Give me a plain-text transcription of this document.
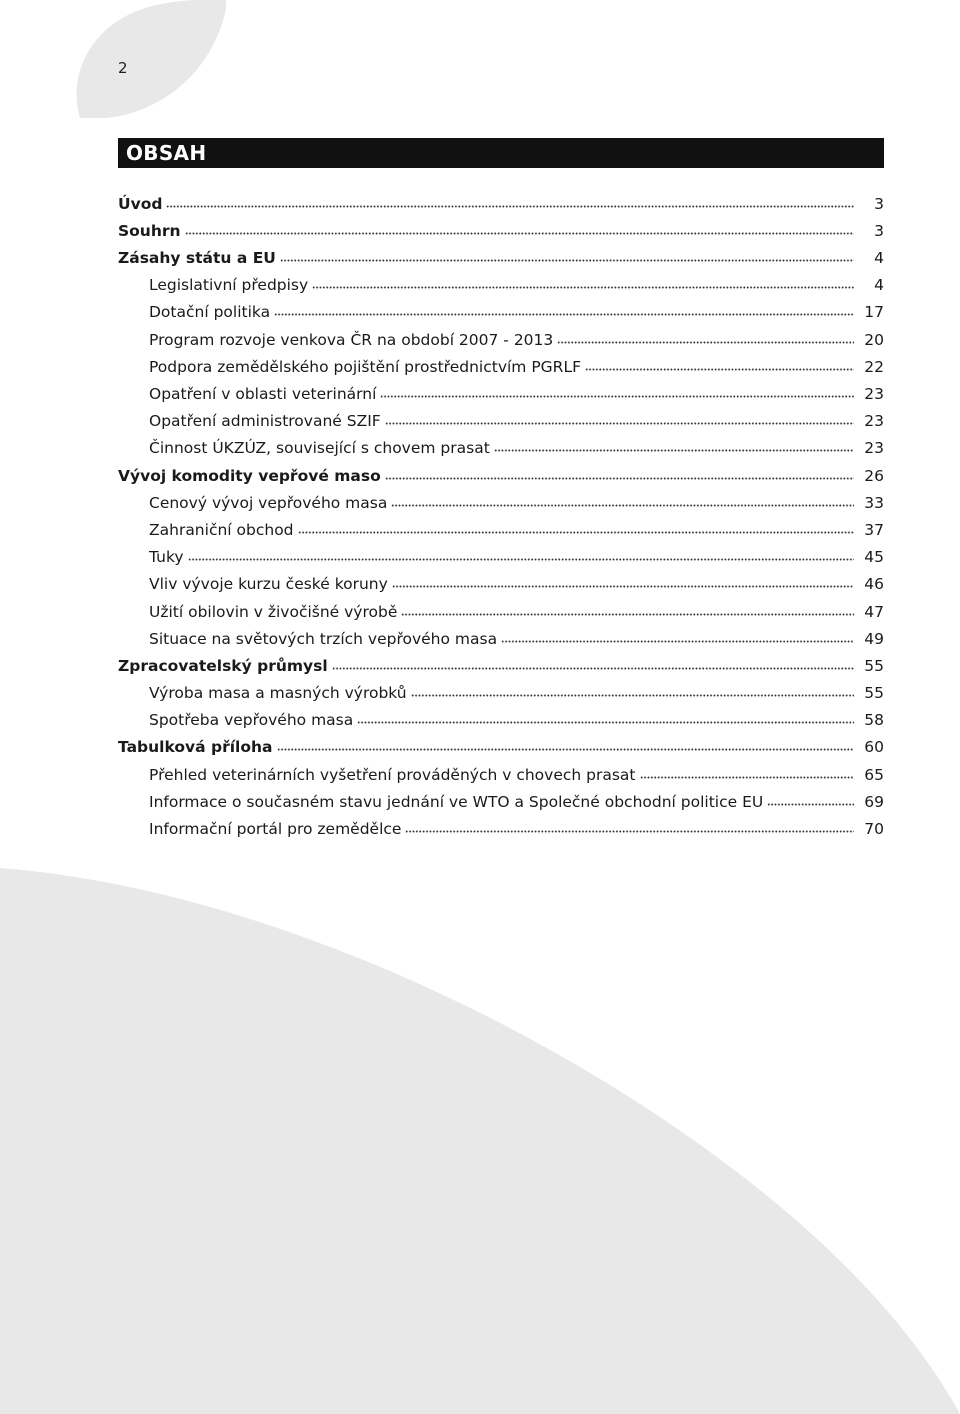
2
OBSAH
Úvod	3
Souhrn	3
Zásahy státu a EU	4
Legislativní předpisy	4
Dotační politika	17
Program rozvoje venkova ČR na období 2007 - 2013	20
Podpora zemědělského pojištění prostřednictvím PGRLF	22
Opatření v oblasti veterinární	23
Opatření administrované SZIF	23
Činnost ÚKZÚZ, související s chovem prasat	23
Vývoj komodity vepřové maso	26
Cenový vývoj vepřového masa	33
Zahraniční obchod	37
Tuky	45
Vliv vývoje kurzu české koruny	46
Užití obilovin v živočišné výrobě	47
Situace na světových trzích vepřového masa	49
Zpracovatelský průmysl	55
Výroba masa a masných výrobků	55
Spotřeba vepřového masa	58
Tabulková příloha	60
Přehled veterinárních vyšetření prováděných v chovech prasat	65
Informace o současném stavu jednání ve WTO a Společné obchodní politice EU	69
Informační portál pro zemědělce	70
